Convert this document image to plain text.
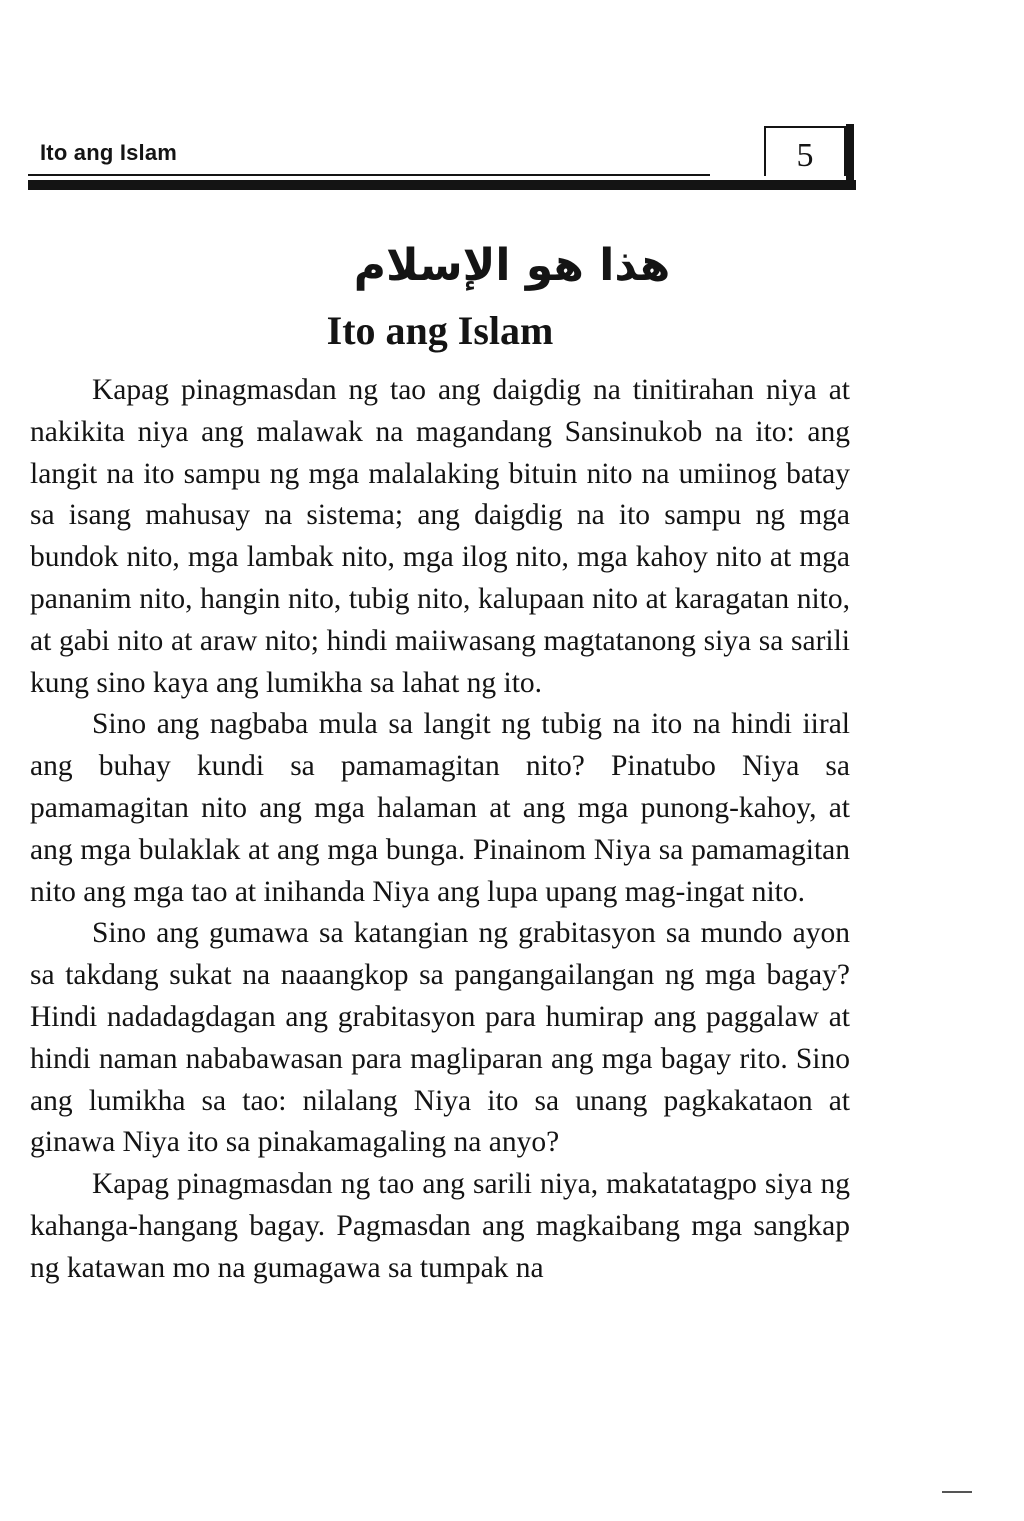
Ito ang Islam	5
هذا هو الإسلام
Ito ang Islam

Kapag pinagmasdan ng tao ang daigdig na tinitirahan niya at nakikita niya ang malawak na magandang Sansinukob na ito: ang langit na ito sampu ng mga malalaking bituin nito na umiinog batay sa isang mahusay na sistema; ang daigdig na ito sampu ng mga bundok nito, mga lambak nito, mga ilog nito, mga kahoy nito at mga pananim nito, hangin nito, tubig nito, kalupaan nito at karagatan nito, at gabi nito at araw nito; hindi maiiwasang magtatanong siya sa sarili kung sino kaya ang lumikha sa lahat ng ito.

Sino ang nagbaba mula sa langit ng tubig na ito na hindi iiral ang buhay kundi sa pamamagitan nito? Pinatubo Niya sa pamamagitan nito ang mga halaman at ang mga punong-kahoy, at ang mga bulaklak at ang mga bunga. Pinainom Niya sa pamamagitan nito ang mga tao at inihanda Niya ang lupa upang mag-ingat nito.

Sino ang gumawa sa katangian ng grabitasyon sa mundo ayon sa takdang sukat na naaangkop sa pangangailangan ng mga bagay? Hindi nadadagdagan ang grabitasyon para humirap ang paggalaw at hindi naman nababawasan para magliparan ang mga bagay rito. Sino ang lumikha sa tao: nilalang Niya ito sa unang pagkakataon at ginawa Niya ito sa pinakamagaling na anyo?

Kapag pinagmasdan ng tao ang sarili niya, makatatagpo siya ng kahanga-hangang bagay. Pagmasdan ang magkaibang mga sangkap ng katawan mo na gumagawa sa tumpak na
